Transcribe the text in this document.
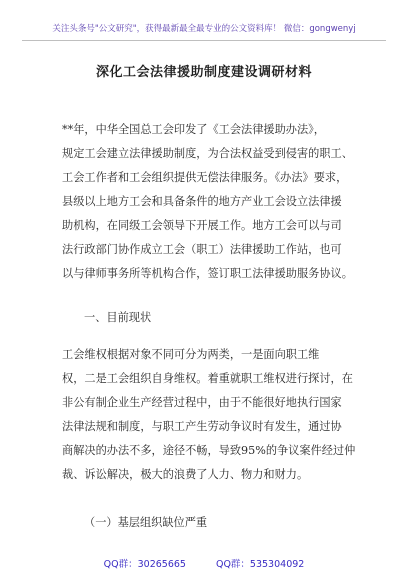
关注头条号"公文研究"，获得最新最全最专业的公文资料库！ 微信：gongwenyj
深化工会法律援助制度建设调研材料
**年，中华全国总工会印发了《工会法律援助办法》，
规定工会建立法律援助制度，为合法权益受到侵害的职工、
工会工作者和工会组织提供无偿法律服务。《办法》要求，
县级以上地方工会和具备条件的地方产业工会设立法律援
助机构，在同级工会领导下开展工作。地方工会可以与司
法行政部门协作成立工会（职工）法律援助工作站，也可
以与律师事务所等机构合作，签订职工法律援助服务协议。
一、目前现状
工会维权根据对象不同可分为两类，一是面向职工维
权，二是工会组织自身维权。着重就职工维权进行探讨，在
非公有制企业生产经营过程中，由于不能很好地执行国家
法律法规和制度，与职工产生劳动争议时有发生，通过协
商解决的办法不多，途径不畅，导致95%的争议案件经过仲
裁、诉讼解决，极大的浪费了人力、物力和财力。
（一）基层组织缺位严重
QQ群：30265665	QQ群：535304092
